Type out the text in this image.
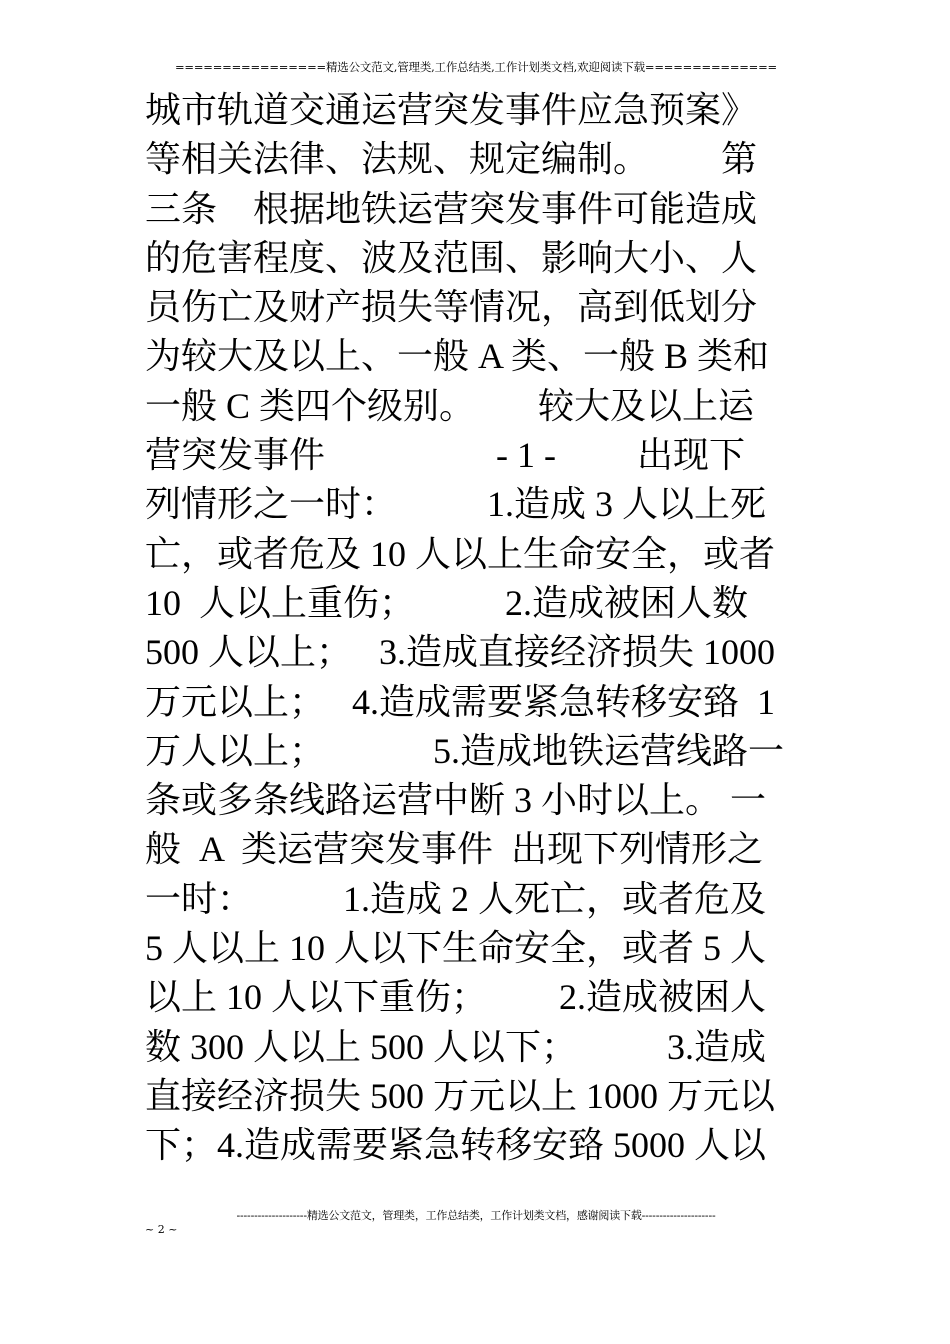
================精选公文范文,管理类,工作总结类,工作计划类文档,欢迎阅读下载==============
城市轨道交通运营突发事件应急预案》
等相关法律、法规、规定编制。        第
三条    根据地铁运营突发事件可能造成
的危害程度、波及范围、影响大小、人
员伤亡及财产损失等情况，高到低划分
为较大及以上、一般 A 类、一般 B 类和
一般 C 类四个级别。       较大及以上运
营突发事件                   - 1 -         出现下
列情形之一时：          1.造成 3 人以上死
亡，或者危及 10 人以上生命安全，或者
10  人以上重伤；          2.造成被困人数
500 人以上；   3.造成直接经济损失 1000
万元以上；   4.造成需要紧急转移安臵  1
万人以上；            5.造成地铁运营线路一
条或多条线路运营中断 3 小时以上。 一
般  A  类运营突发事件  出现下列情形之
一时：          1.造成 2 人死亡，或者危及
5 人以上 10 人以下生命安全，或者 5 人
以上 10 人以下重伤；        2.造成被困人
数 300 人以上 500 人以下；          3.造成
直接经济损失 500 万元以上 1000 万元以
下；4.造成需要紧急转移安臵 5000 人以
--------------------精选公文范文，管理类，工作总结类，工作计划类文档，感谢阅读下载---------------------
~ 2 ~
